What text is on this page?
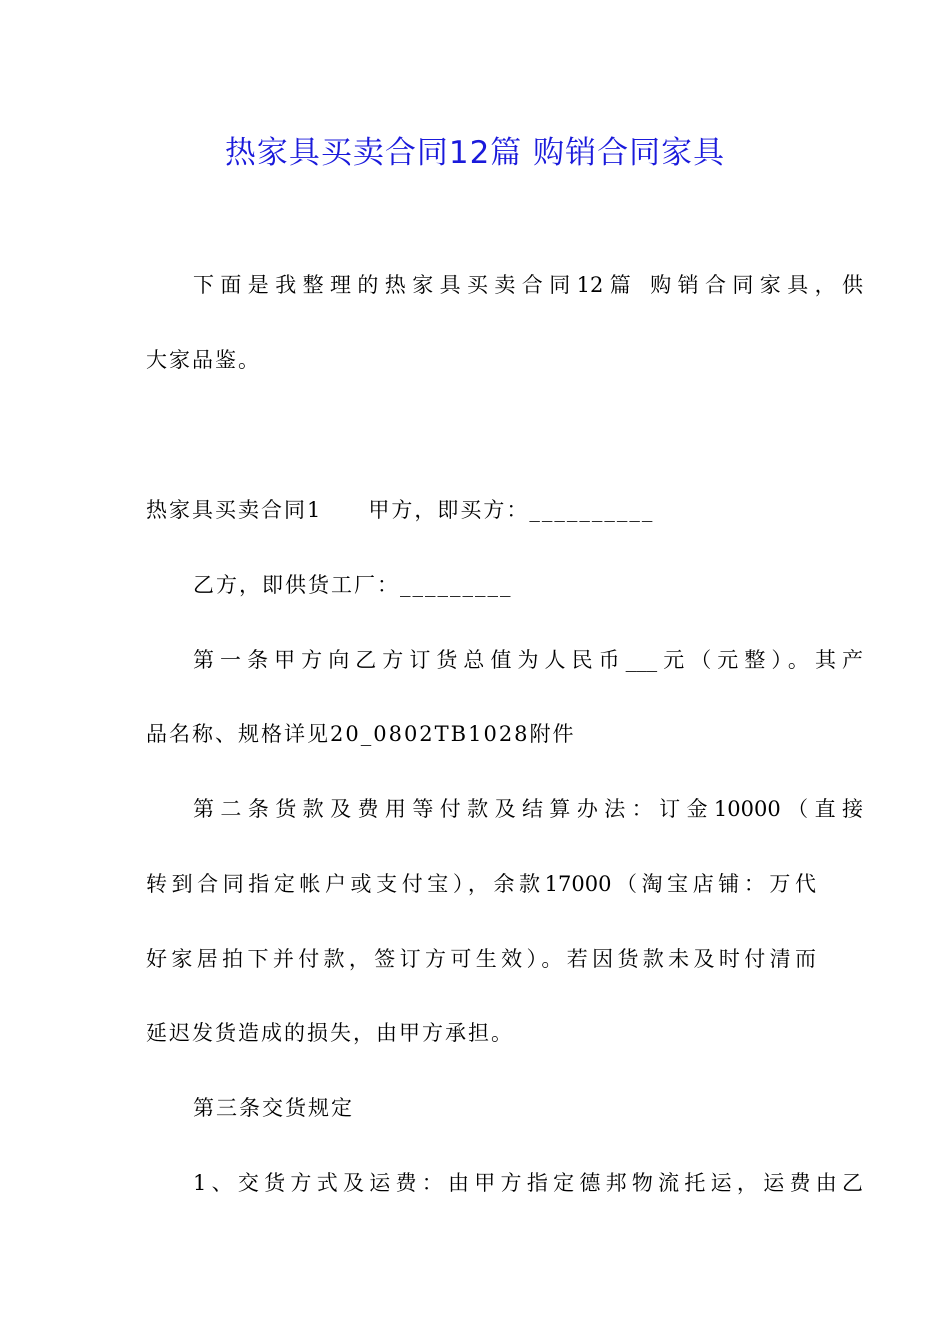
热家具买卖合同12篇 购销合同家具
下面是我整理的热家具买卖合同12篇 购销合同家具，供
大家品鉴。
热家具买卖合同1 甲方，即买方：__________
乙方，即供货工厂：_________
第一条甲方向乙方订货总值为人民币___元（元整）。其产
品名称、规格详见20_0802TB1028附件
第二条货款及费用等付款及结算办法：订金10000（直接
转到合同指定帐户或支付宝），余款17000（淘宝店铺：万代
好家居拍下并付款，签订方可生效）。若因货款未及时付清而
延迟发货造成的损失，由甲方承担。
第三条交货规定
1、交货方式及运费：由甲方指定德邦物流托运，运费由乙
